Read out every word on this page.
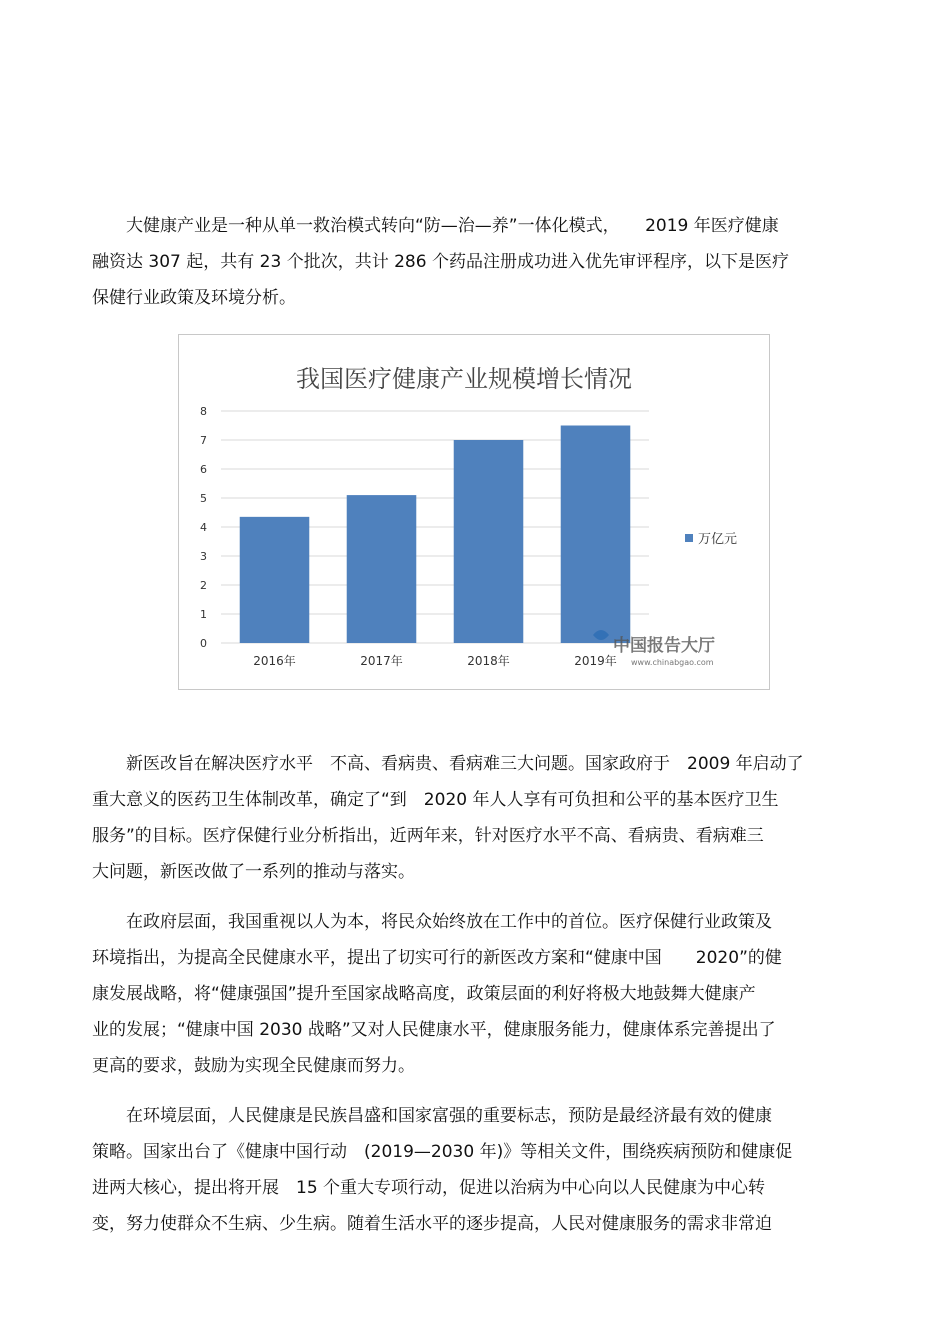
　　大健康产业是一种从单一救治模式转向“防—治—养”一体化模式，　　2019 年医疗健康
融资达 307 起，共有 23 个批次，共计 286 个药品注册成功进入优先审评程序，以下是医疗
保健行业政策及环境分析。
我国医疗健康产业规模增长情况
0
1
2
3
4
5
6
7
8
2016年	2017年	2018年	2019年
万亿元
中国报告大厅
www.chinabgao.com
　　新医改旨在解决医疗水平　不高、看病贵、看病难三大问题。国家政府于　2009 年启动了
重大意义的医药卫生体制改革，确定了“到　2020 年人人享有可负担和公平的基本医疗卫生
服务”的目标。医疗保健行业分析指出，近两年来，针对医疗水平不高、看病贵、看病难三
大问题，新医改做了一系列的推动与落实。
　　在政府层面，我国重视以人为本，将民众始终放在工作中的首位。医疗保健行业政策及
环境指出，为提高全民健康水平，提出了切实可行的新医改方案和“健康中国　　2020”的健
康发展战略，将“健康强国”提升至国家战略高度，政策层面的利好将极大地鼓舞大健康产
业的发展；“健康中国 2030 战略”又对人民健康水平，健康服务能力，健康体系完善提出了
更高的要求，鼓励为实现全民健康而努力。
　　在环境层面，人民健康是民族昌盛和国家富强的重要标志，预防是最经济最有效的健康
策略。国家出台了《健康中国行动　(2019—2030 年)》等相关文件，围绕疾病预防和健康促
进两大核心，提出将开展　15 个重大专项行动，促进以治病为中心向以人民健康为中心转
变，努力使群众不生病、少生病。随着生活水平的逐步提高，人民对健康服务的需求非常迫
